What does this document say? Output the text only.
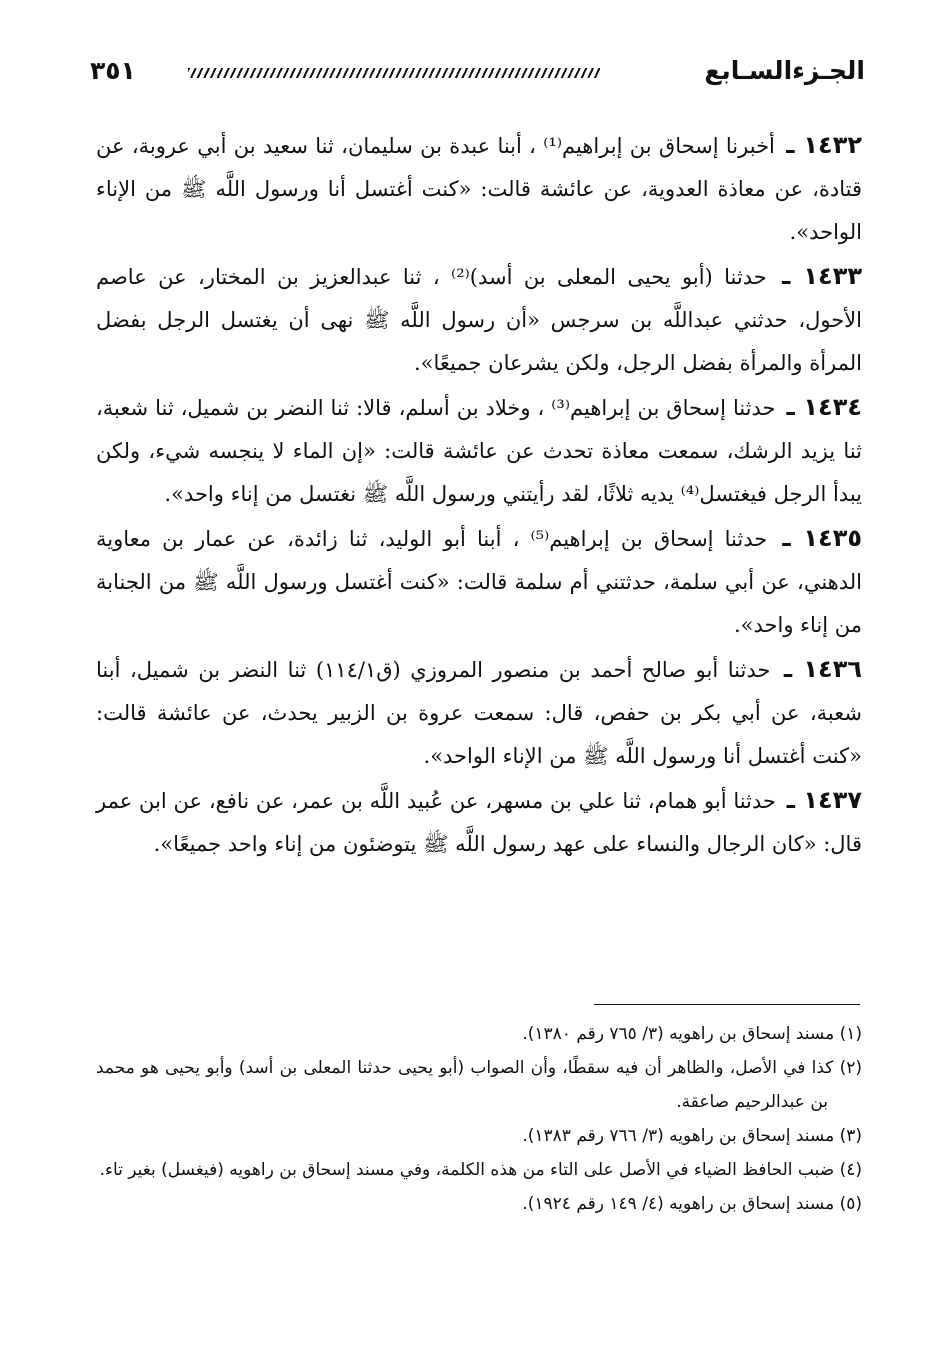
الجـزءالسـابع
٣٥١

١٤٣٢ ـ أخبرنا إسحاق بن إبراهيم⁽¹⁾ ، أبنا عبدة بن سليمان، ثنا سعيد بن أبي عروبة، عن قتادة، عن معاذة العدوية، عن عائشة قالت: «كنت أغتسل أنا ورسول اللَّه ﷺ من الإناء الواحد».

١٤٣٣ ـ حدثنا (أبو يحيى المعلى بن أسد)⁽²⁾ ، ثنا عبدالعزيز بن المختار، عن عاصم الأحول، حدثني عبداللَّه بن سرجس «أن رسول اللَّه ﷺ نهى أن يغتسل الرجل بفضل المرأة والمرأة بفضل الرجل، ولكن يشرعان جميعًا».

١٤٣٤ ـ حدثنا إسحاق بن إبراهيم⁽³⁾ ، وخلاد بن أسلم، قالا: ثنا النضر بن شميل، ثنا شعبة، ثنا يزيد الرشك، سمعت معاذة تحدث عن عائشة قالت: «إن الماء لا ينجسه شيء، ولكن يبدأ الرجل فيغتسل⁽⁴⁾ يديه ثلاثًا، لقد رأيتني ورسول اللَّه ﷺ نغتسل من إناء واحد».

١٤٣٥ ـ حدثنا إسحاق بن إبراهيم⁽⁵⁾ ، أبنا أبو الوليد، ثنا زائدة، عن عمار بن معاوية الدهني، عن أبي سلمة، حدثتني أم سلمة قالت: «كنت أغتسل ورسول اللَّه ﷺ من الجنابة من إناء واحد».

١٤٣٦ ـ حدثنا أبو صالح أحمد بن منصور المروزي (ق١١٤/١) ثنا النضر بن شميل، أبنا شعبة، عن أبي بكر بن حفص، قال: سمعت عروة بن الزبير يحدث، عن عائشة قالت: «كنت أغتسل أنا ورسول اللَّه ﷺ من الإناء الواحد».

١٤٣٧ ـ حدثنا أبو همام، ثنا علي بن مسهر، عن عُبيد اللَّه بن عمر، عن نافع، عن ابن عمر قال: «كان الرجال والنساء على عهد رسول اللَّه ﷺ يتوضئون من إناء واحد جميعًا».

(١) مسند إسحاق بن راهويه (٣/ ٧٦٥ رقم ١٣٨٠).

(٢) كذا في الأصل، والظاهر أن فيه سقطًا، وأن الصواب (أبو يحيى حدثنا المعلى بن أسد) وأبو يحيى هو محمد بن عبدالرحيم صاعقة.

(٣) مسند إسحاق بن راهويه (٣/ ٧٦٦ رقم ١٣٨٣).

(٤) ضبب الحافظ الضياء في الأصل على التاء من هذه الكلمة، وفي مسند إسحاق بن راهويه (فيغسل) بغير تاء.

(٥) مسند إسحاق بن راهويه (٤/ ١٤٩ رقم ١٩٢٤).
